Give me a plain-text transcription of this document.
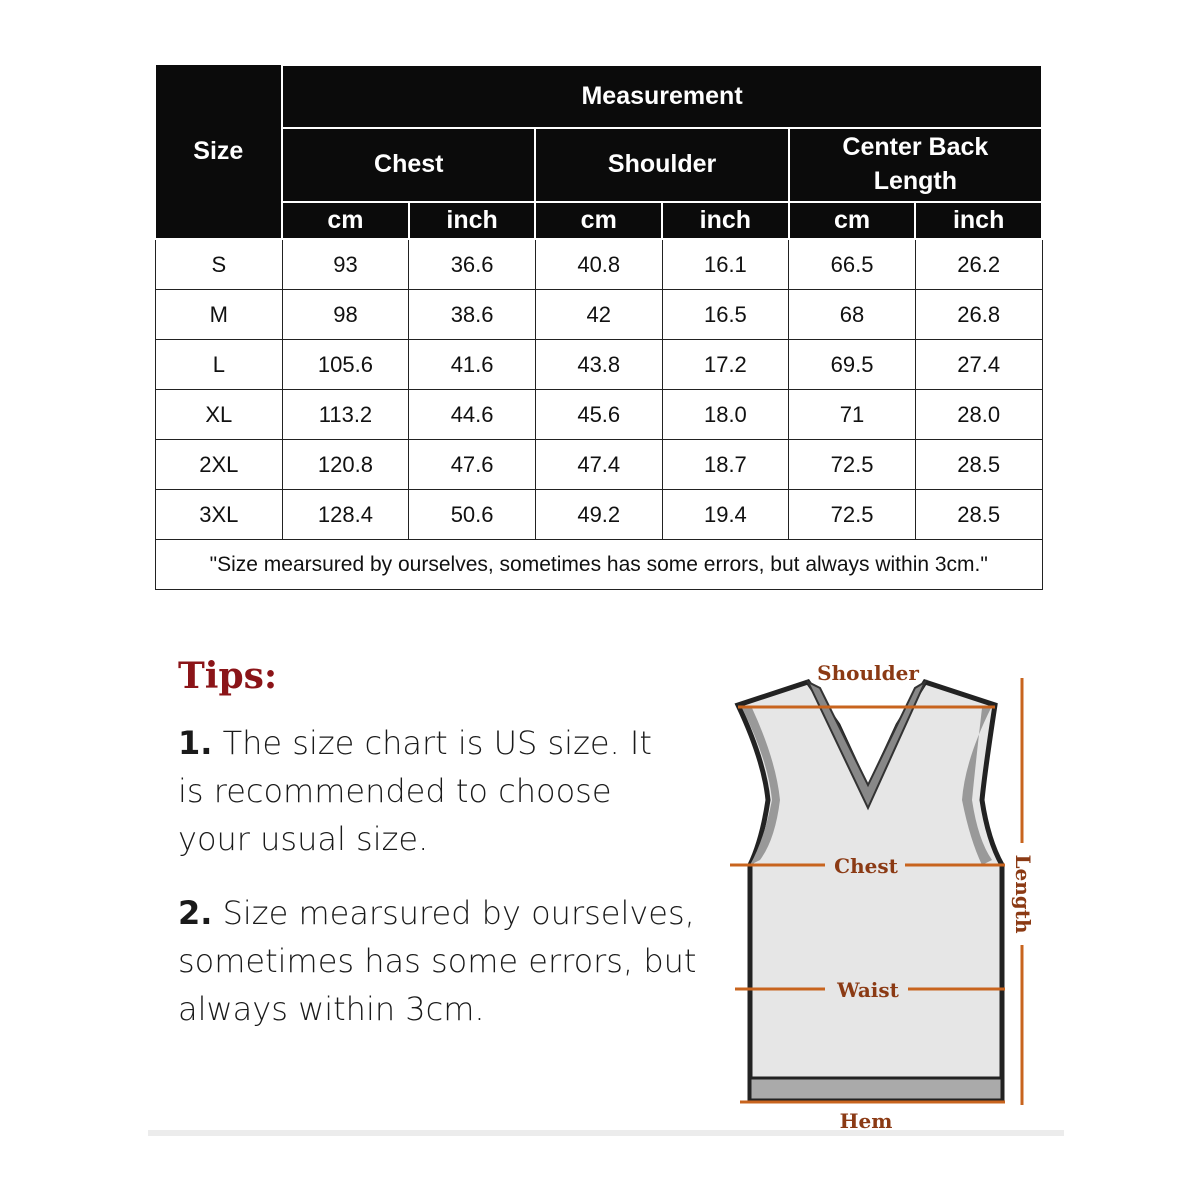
Size	Measurement					
	Chest		Shoulder		Center Back Length	
	cm	inch	cm	inch	cm	inch
S	93	36.6	40.8	16.1	66.5	26.2
M	98	38.6	42	16.5	68	26.8
L	105.6	41.6	43.8	17.2	69.5	27.4
XL	113.2	44.6	45.6	18.0	71	28.0
2XL	120.8	47.6	47.4	18.7	72.5	28.5
3XL	128.4	50.6	49.2	19.4	72.5	28.5
"Size mearsured by ourselves, sometimes has some errors, but always within 3cm."						
Tips:

1. The size chart is US size. It is recommended to choose your usual size.

2. Size mearsured by ourselves, sometimes has some errors, but always within 3cm.

Shoulder
Chest
Waist
Hem
Length
